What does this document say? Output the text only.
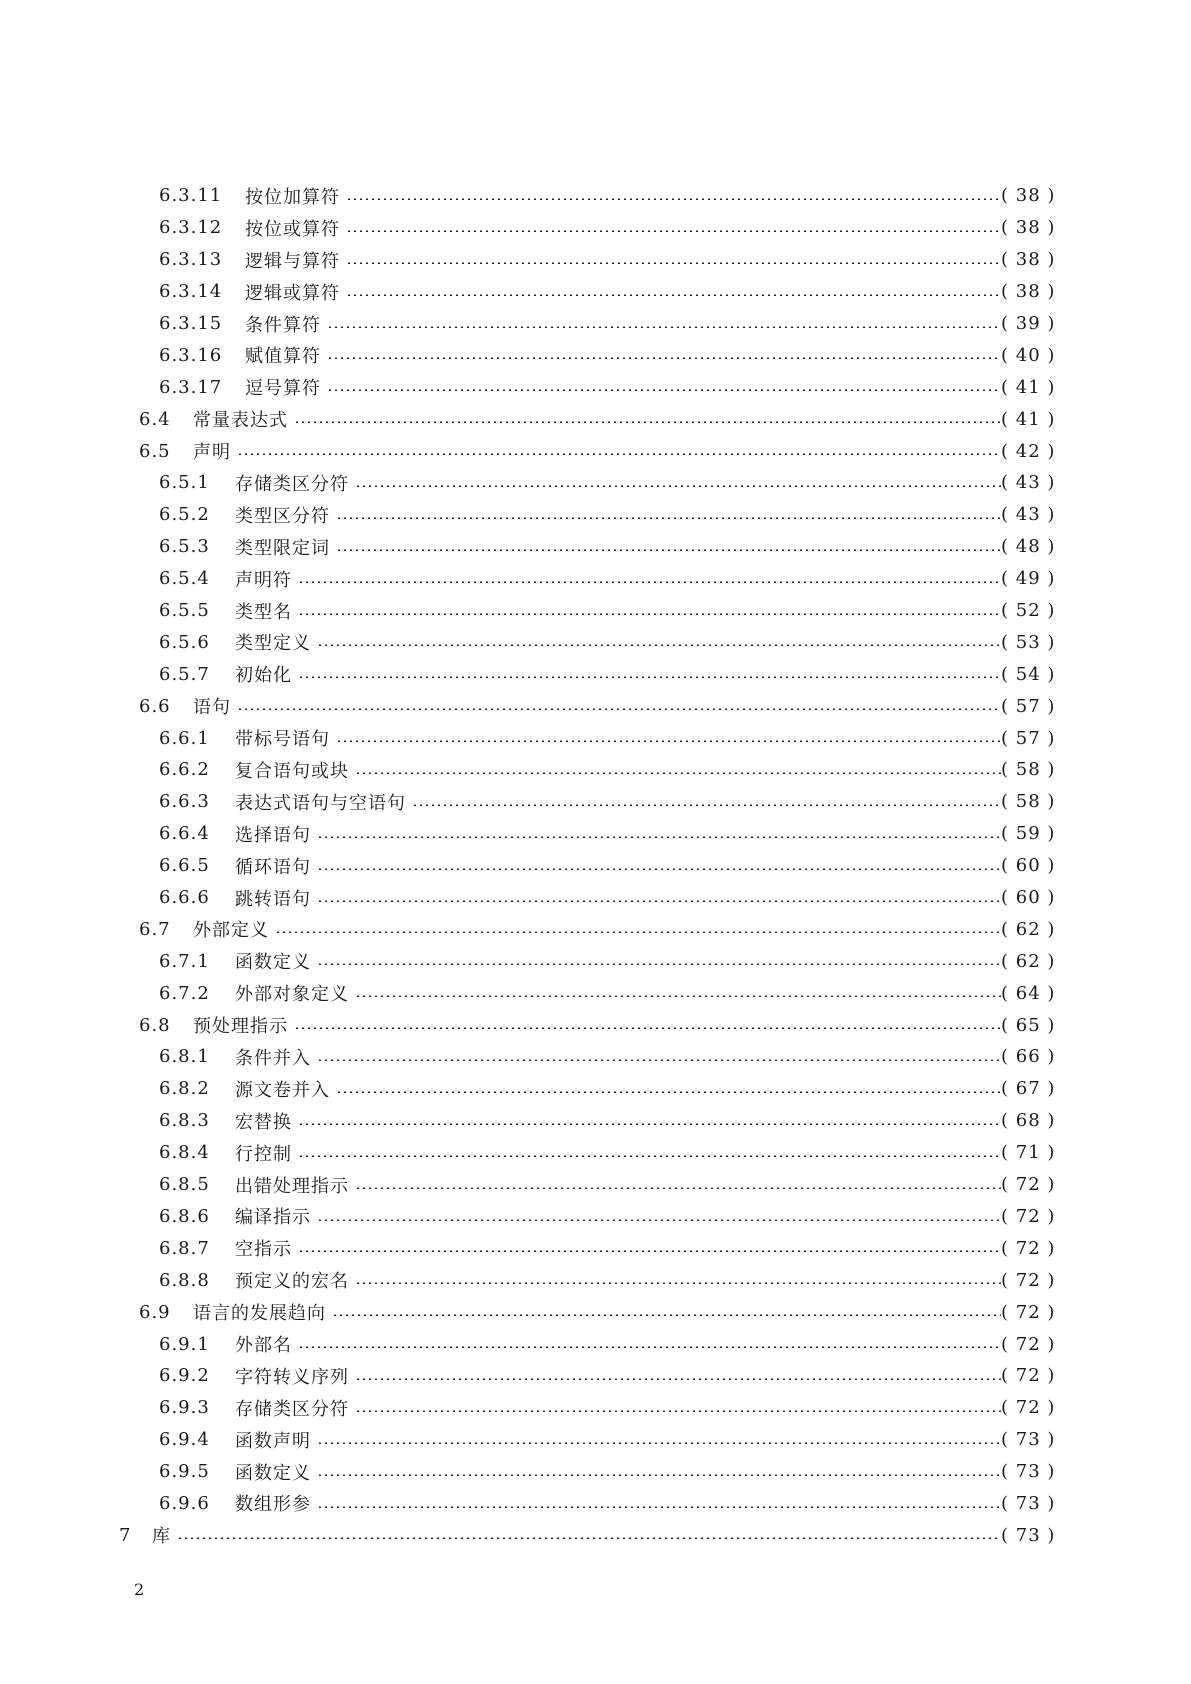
6.3.11 按位加算符	( 38 )
6.3.12 按位或算符	( 38 )
6.3.13 逻辑与算符	( 38 )
6.3.14 逻辑或算符	( 38 )
6.3.15 条件算符	( 39 )
6.3.16 赋值算符	( 40 )
6.3.17 逗号算符	( 41 )
6.4 常量表达式	( 41 )
6.5 声明	( 42 )
6.5.1 存储类区分符	( 43 )
6.5.2 类型区分符	( 43 )
6.5.3 类型限定词	( 48 )
6.5.4 声明符	( 49 )
6.5.5 类型名	( 52 )
6.5.6 类型定义	( 53 )
6.5.7 初始化	( 54 )
6.6 语句	( 57 )
6.6.1 带标号语句	( 57 )
6.6.2 复合语句或块	( 58 )
6.6.3 表达式语句与空语句	( 58 )
6.6.4 选择语句	( 59 )
6.6.5 循环语句	( 60 )
6.6.6 跳转语句	( 60 )
6.7 外部定义	( 62 )
6.7.1 函数定义	( 62 )
6.7.2 外部对象定义	( 64 )
6.8 预处理指示	( 65 )
6.8.1 条件并入	( 66 )
6.8.2 源文卷并入	( 67 )
6.8.3 宏替换	( 68 )
6.8.4 行控制	( 71 )
6.8.5 出错处理指示	( 72 )
6.8.6 编译指示	( 72 )
6.8.7 空指示	( 72 )
6.8.8 预定义的宏名	( 72 )
6.9 语言的发展趋向	( 72 )
6.9.1 外部名	( 72 )
6.9.2 字符转义序列	( 72 )
6.9.3 存储类区分符	( 72 )
6.9.4 函数声明	( 73 )
6.9.5 函数定义	( 73 )
6.9.6 数组形参	( 73 )
7 库	( 73 )
2
